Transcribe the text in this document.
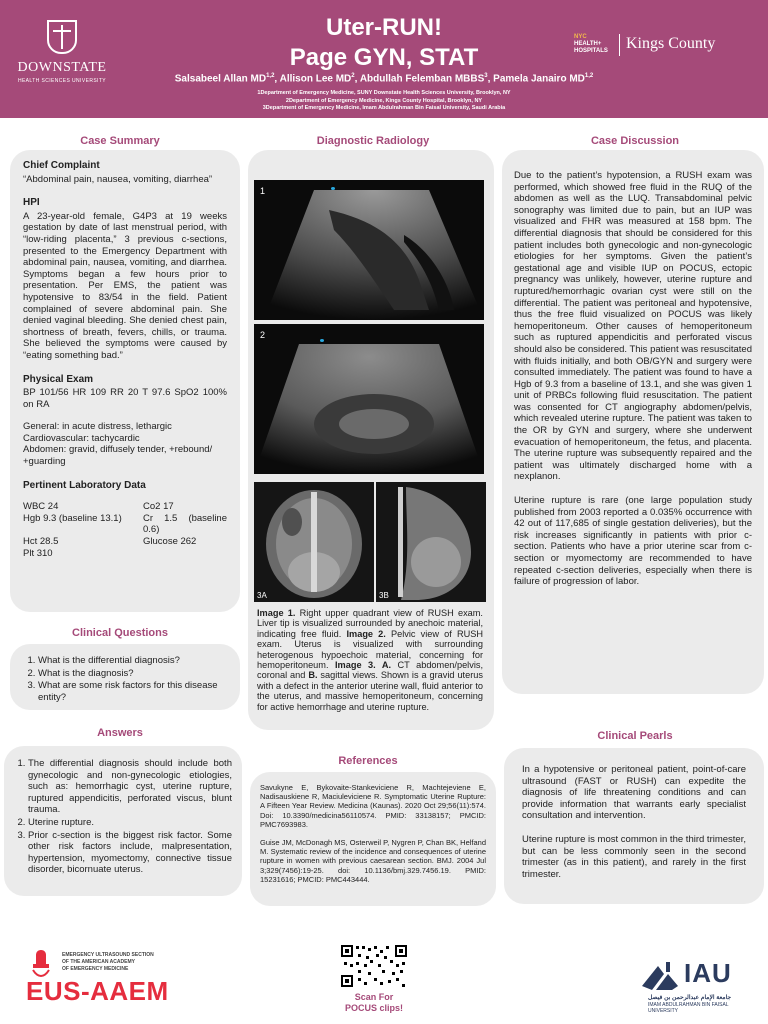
DOWNSTATE
HEALTH SCIENCES UNIVERSITY
Uter-RUN!
Page GYN, STAT
Salsabeel Allan MD$^{1,2}$, Allison Lee $MD^2$, Abdullah Felemban MBBS$^3$, Pamela Janairo MD$^{1,2}$
1Department of Emergency Medicine, SUNY Downstate Health Sciences University, Brooklyn, NY
2Department of Emergency Medicine, Kings County Hospital, Brooklyn, NY
3Department of Emergency Medicine, Imam Abdulrahman Bin Faisal University, Saudi Arabia
NYC
HEALTH+
HOSPITALS Kings County
Case Summary
Chief Complaint
“Abdominal pain, nausea, vomiting, diarrhea”
HPI
A 23-year-old female, G4P3 at 19 weeks gestation by date of last menstrual period, with “low-riding placenta,” 3 previous c-sections, presented to the Emergency Department with abdominal pain, nausea, vomiting, and diarrhea. Symptoms began a few hours prior to presentation. Per EMS, the patient was hypotensive to 83/54 in the field. Patient complained of severe abdominal pain. She denied vaginal bleeding. She denied chest pain, shortness of breath, fevers, chills, or trauma. She believed the symptoms were caused by “eating something bad.”
Physical Exam
BP 101/56 HR 109 RR 20 T 97.6 SpO2 100% on RA
General: in acute distress, lethargic
Cardiovascular: tachycardic
Abdomen: gravid, diffusely tender, +rebound/ +guarding
Pertinent Laboratory Data
WBC 24	Co2 17
Hgb 9.3 (baseline 13.1)	Cr 1.5 (baseline 0.6)
Hct 28.5	Glucose 262
Plt 310
Clinical Questions
1. What is the differential diagnosis?
2. What is the diagnosis?
3. What are some risk factors for this disease entity?
Answers
1. The differential diagnosis should include both gynecologic and non-gynecologic etiologies, such as: hemorrhagic cyst, uterine rupture, ruptured appendicitis, perforated viscus, blunt trauma.
2. Uterine rupture.
3. Prior c-section is the biggest risk factor. Some other risk factors include, malpresentation, hypertension, myomectomy, connective tissue disorder, bicornuate uterus.
Diagnostic Radiology
1
2
3A	3B
Image 1. Right upper quadrant view of RUSH exam. Liver tip is visualized surrounded by anechoic material, indicating free fluid. Image 2. Pelvic view of RUSH exam. Uterus is visualized with surrounding heterogenous hypoechoic material, concerning for hemoperitoneum. Image 3. A. CT abdomen/pelvis, coronal and B. sagittal views. Shown is a gravid uterus with a defect in the anterior uterine wall, fluid anterior to the uterus, and massive hemoperitoneum, concerning for active hemorrhage and uterine rupture.
References
Savukyne E, Bykovaite-Stankeviciene R, Machtejeviene E, Nadisauskiene R, Maciuleviciene R. Symptomatic Uterine Rupture: A Fifteen Year Review. Medicina (Kaunas). 2020 Oct 29;56(11):574. Doi: 10.3390/medicina56110574. PMID: 33138157; PMCID: PMC7693983.
Guise JM, McDonagh MS, Osterweil P, Nygren P, Chan BK, Helfand M. Systematic review of the incidence and consequences of uterine rupture in women with previous caesarean section. BMJ. 2004 Jul 3;329(7456):19-25. doi: 10.1136/bmj.329.7456.19. PMID: 15231616; PMCID: PMC443444.
Case Discussion
Due to the patient’s hypotension, a RUSH exam was performed, which showed free fluid in the RUQ of the abdomen as well as the LUQ. Transabdominal pelvic sonography was limited due to pain, but an IUP was visualized and FHR was measured at 158 bpm. The differential diagnosis that should be considered for this patient includes both gynecologic and non-gynecologic etiologies for her symptoms. Given the patient’s gestational age and visible IUP on POCUS, ectopic pregnancy was unlikely, however, uterine rupture and ruptured/hemorrhagic ovarian cyst were still on the differential. The patient was peritoneal and hypotensive, thus the free fluid visualized on POCUS was likely hemoperitoneum. Other causes of hemoperitoneum such as ruptured appendicitis and perforated viscus should also be considered. This patient was resuscitated with fluids initially, and both OB/GYN and surgery were consulted immediately. The patient was found to have a Hgb of 9.3 from a baseline of 13.1, and she was given 1 unit of PRBCs following fluid resuscitation. The patient was consented for CT angiography abdomen/pelvis, which revealed uterine rupture. The patient was taken to the OR by GYN and surgery, where she underwent evacuation of hemoperitoneum, the fetus, and placenta. The uterine rupture was subsequently repaired and the patient was ultimately discharged home with a nexplanon.
Uterine rupture is rare (one large population study published from 2003 reported a 0.035% occurrence with 42 out of 117,685 of single gestation deliveries), but the risk increases significantly in patients with prior c-section. Patients who have a prior uterine scar from c-section or myomectomy are recommended to have repeated c-section deliveries, especially when there is failure of progression of labor.
Clinical Pearls
In a hypotensive or peritoneal patient, point-of-care ultrasound (FAST or RUSH) can expedite the diagnosis of life threatening conditions and can provide information that warrants early specialist consultation and intervention.
Uterine rupture is most common in the third trimester, but can be less commonly seen in the second trimester (as in this patient), and rarely in the first trimester.
EMERGENCY ULTRASOUND SECTION
OF THE AMERICAN ACADEMY
OF EMERGENCY MEDICINE
EUS-AAEM	Scan For
POCUS clips!
IAU
جامعة الإمام عبدالرحمن بن فيصل
IMAM ABDULRAHMAN BIN FAISAL UNIVERSITY
